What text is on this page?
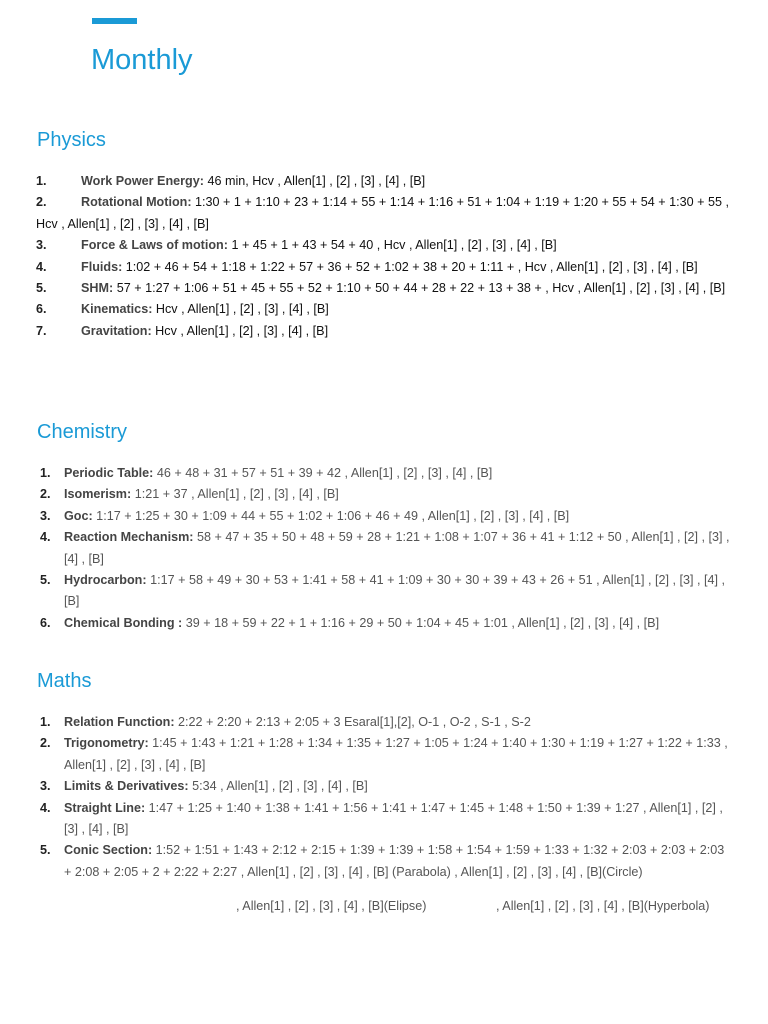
Monthly
Physics
1.	Work Power Energy: 46 min, Hcv , Allen[1] , [2] , [3] , [4] , [B]
2.	Rotational Motion: 1:30 + 1 + 1:10 + 23 + 1:14 + 55 + 1:14 + 1:16 + 51 + 1:04 + 1:19 + 1:20 + 55 + 54 + 1:30 + 55 , Hcv , Allen[1] , [2] , [3] , [4] , [B]
3.	Force & Laws of motion: 1 + 45 + 1 + 43 + 54 + 40 , Hcv , Allen[1] , [2] , [3] , [4] , [B]
4.	Fluids: 1:02 + 46 + 54 + 1:18 + 1:22 + 57 + 36 + 52 + 1:02 + 38 + 20 + 1:11 + , Hcv , Allen[1] , [2] , [3] , [4] , [B]
5.	SHM: 57 + 1:27 + 1:06 + 51 + 45 + 55 + 52 + 1:10 + 50 + 44 + 28 + 22 + 13 + 38 + , Hcv , Allen[1] , [2] , [3] , [4] , [B]
6.	Kinematics: Hcv , Allen[1] , [2] , [3] , [4] , [B]
7.	Gravitation: Hcv , Allen[1] , [2] , [3] , [4] , [B]
Chemistry
1. Periodic Table: 46 + 48 + 31 + 57 + 51 + 39 + 42 , Allen[1] , [2] , [3] , [4] , [B]
2. Isomerism: 1:21 + 37 , Allen[1] , [2] , [3] , [4] , [B]
3. Goc: 1:17 + 1:25 + 30 + 1:09 + 44 + 55 + 1:02 + 1:06 + 46 + 49 , Allen[1] , [2] , [3] , [4] , [B]
4. Reaction Mechanism: 58 + 47 + 35 + 50 + 48 + 59 + 28 + 1:21 + 1:08 + 1:07 + 36 + 41 + 1:12 + 50 , Allen[1] , [2] , [3] , [4] , [B]
5. Hydrocarbon: 1:17 + 58 + 49 + 30 + 53 + 1:41 + 58 + 41 + 1:09 + 30 + 30 + 39 + 43 + 26 + 51 , Allen[1] , [2] , [3] , [4] , [B]
6. Chemical Bonding : 39 + 18 + 59 + 22 + 1 + 1:16 + 29 + 50 + 1:04 + 45 + 1:01 , Allen[1] , [2] , [3] , [4] , [B]
Maths
1. Relation Function: 2:22 + 2:20 + 2:13 + 2:05 + 3 Esaral[1],[2], O-1 , O-2 , S-1 , S-2
2. Trigonometry: 1:45 + 1:43 + 1:21 + 1:28 + 1:34 + 1:35 + 1:27 + 1:05 + 1:24 + 1:40 + 1:30 + 1:19 + 1:27 + 1:22 + 1:33 , Allen[1] , [2] , [3] , [4] , [B]
3. Limits & Derivatives: 5:34 , Allen[1] , [2] , [3] , [4] , [B]
4. Straight Line: 1:47 + 1:25 + 1:40 + 1:38 + 1:41 + 1:56 + 1:41 + 1:47 + 1:45 + 1:48 + 1:50 + 1:39 + 1:27 , Allen[1] , [2] , [3] , [4] , [B]
5. Conic Section: 1:52 + 1:51 + 1:43 + 2:12 + 2:15 + 1:39 + 1:39 + 1:58 + 1:54 + 1:59 + 1:33 + 1:32 + 2:03 + 2:03 + 2:03 + 2:08 + 2:05 + 2 + 2:22 + 2:27 , Allen[1] , [2] , [3] , [4] , [B] (Parabola) , Allen[1] , [2] , [3] , [4] , [B](Circle)
, Allen[1] , [2] , [3] , [4] , [B](Elipse)	, Allen[1] , [2] , [3] , [4] , [B](Hyperbola)
